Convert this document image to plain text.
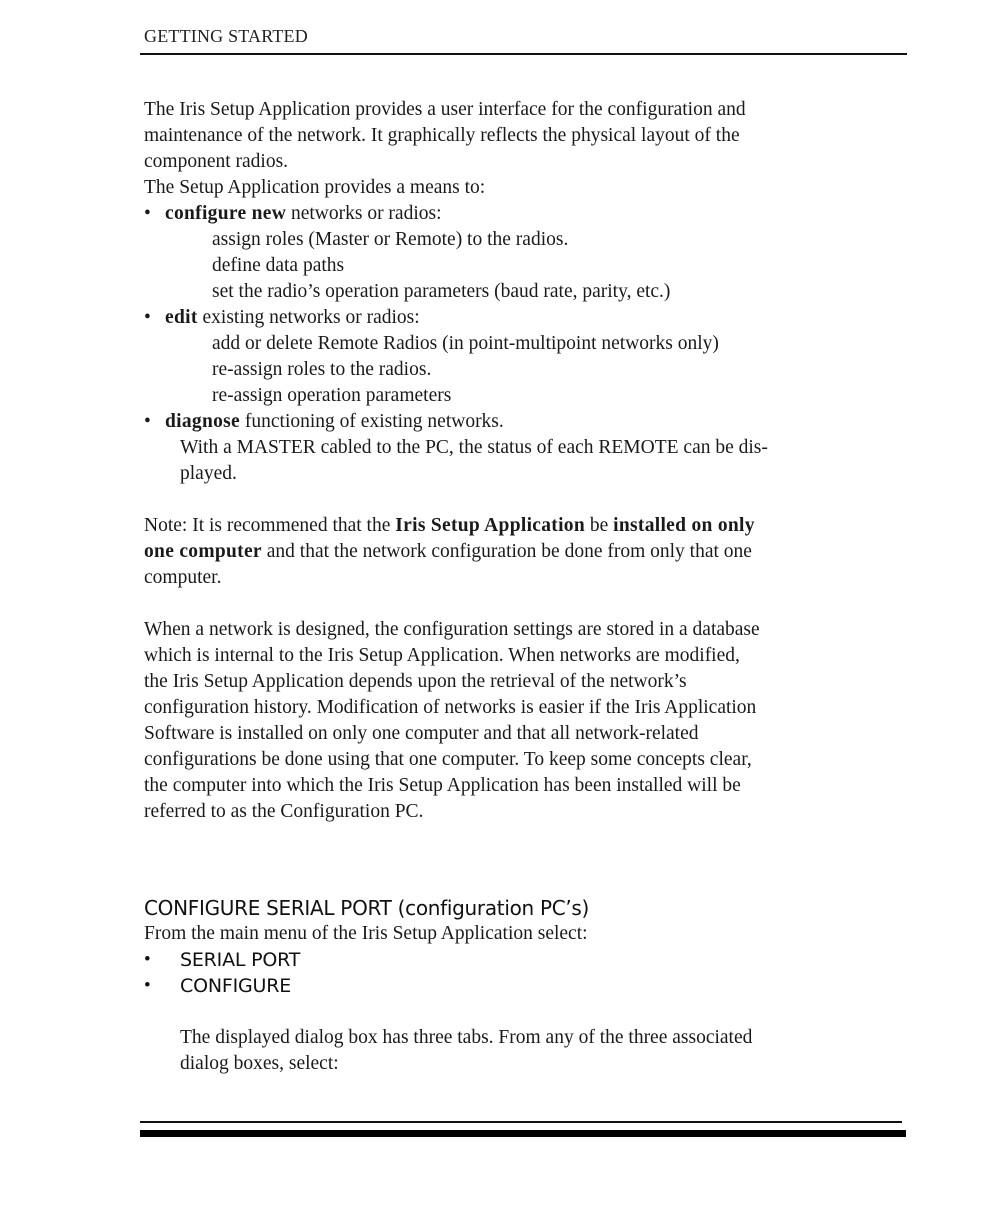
GETTING STARTED
The Iris Setup Application provides a user interface for the configuration and
maintenance of the network. It graphically reflects the physical layout of the
component radios.
The Setup Application provides a means to:
• configure new networks or radios:
assign roles (Master or Remote) to the radios.
define data paths
set the radio’s operation parameters (baud rate, parity, etc.)
• edit existing networks or radios:
add or delete Remote Radios (in point-multipoint networks only)
re-assign roles to the radios.
re-assign operation parameters
• diagnose functioning of existing networks.
With a MASTER cabled to the PC, the status of each REMOTE can be dis-
played.
Note: It is recommened that the Iris Setup Application be installed on only
one computer and that the network configuration be done from only that one
computer.
When a network is designed, the configuration settings are stored in a database
which is internal to the Iris Setup Application. When networks are modified,
the Iris Setup Application depends upon the retrieval of the network’s
configuration history. Modification of networks is easier if the Iris Application
Software is installed on only one computer and that all network-related
configurations be done using that one computer. To keep some concepts clear,
the computer into which the Iris Setup Application has been installed will be
referred to as the Configuration PC.
CONFIGURE SERIAL PORT (configuration PC’s)
From the main menu of the Iris Setup Application select:
• SERIAL PORT
• CONFIGURE
The displayed dialog box has three tabs. From any of the three associated
dialog boxes, select:
